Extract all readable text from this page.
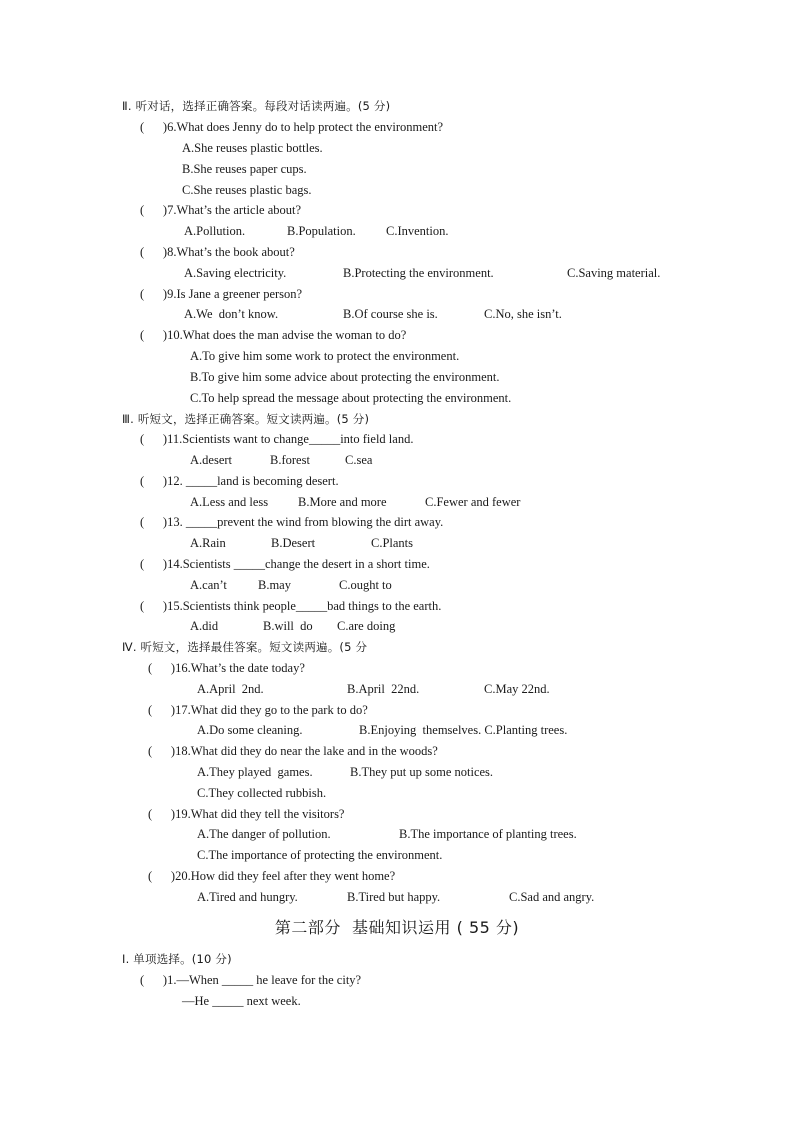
Ⅱ. 听对话，选择正确答案。每段对话读两遍。(5 分)
(      )6.What does Jenny do to help protect the environment?
A.She reuses plastic bottles.
B.She reuses paper cups.
C.She reuses plastic bags.
(      )7.What’s the article about?
A.Pollution.	B.Population. C.Invention.
(      )8.What’s the book about?
A.Saving electricity.	B.Protecting the environment.	C.Saving material.
(      )9.Is Jane a greener person?
A.We  don’t know.	B.Of course she is.	C.No, she isn’t.
(      )10.What does the man advise the woman to do?
A.To give him some work to protect the environment.
B.To give him some advice about protecting the environment.
C.To help spread the message about protecting the environment.
Ⅲ. 听短文，选择正确答案。短文读两遍。(5 分)
(      )11.Scientists want to change_____into field land.
A.desert	B.forest	C.sea
(      )12. _____land is becoming desert.
A.Less and less B.More and more	C.Fewer and fewer
(      )13. _____prevent the wind from blowing the dirt away.
A.Rain	B.Desert	C.Plants
(      )14.Scientists _____change the desert in a short time.
A.can’t B.may	C.ought to
(      )15.Scientists think people_____bad things to the earth.
A.did	B.will  do C.are doing
Ⅳ. 听短文，选择最佳答案。短文读两遍。(5 分
(      )16.What’s the date today?
A.April  2nd.	B.April  22nd.	C.May 22nd.
(      )17.What did they go to the park to do?
A.Do some cleaning.	B.Enjoying  themselves. C.Planting trees.
(      )18.What did they do near the lake and in the woods?
A.They played  games.	B.They put up some notices.
C.They collected rubbish.
(      )19.What did they tell the visitors?
A.The danger of pollution.	B.The importance of planting trees.
C.The importance of protecting the environment.
(      )20.How did they feel after they went home?
A.Tired and hungry.	B.Tired but happy.	C.Sad and angry.
第二部分  基础知识运用 ( 55 分)
Ⅰ. 单项选择。(10 分)
(      )1.—When _____ he leave for the city?
—He _____ next week.
